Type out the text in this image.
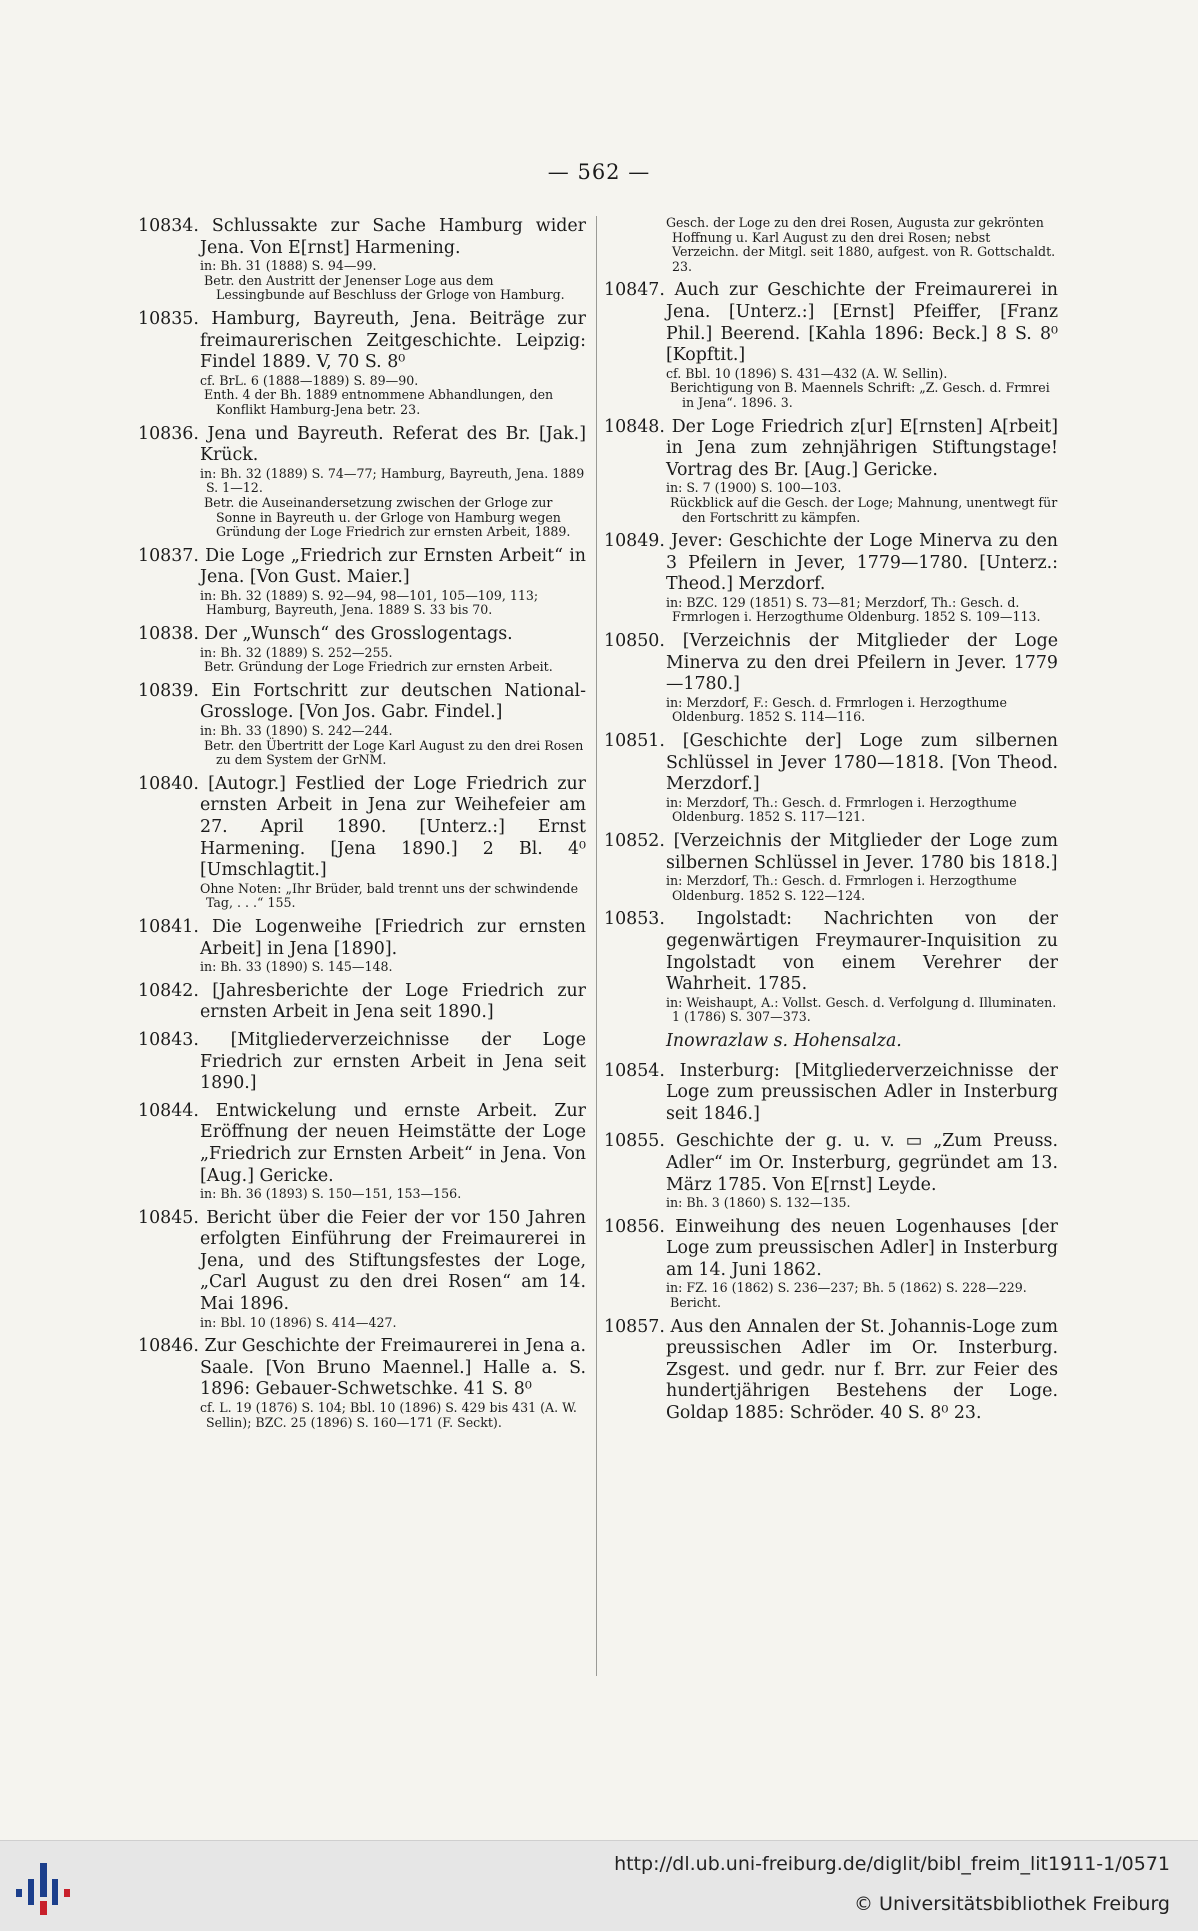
— 562 —
10834. Schlussakte zur Sache Hamburg wider Jena. Von E[rnst] Harmening.
in: Bh. 31 (1888) S. 94—99.
Betr. den Austritt der Jenenser Loge aus dem Lessingbunde auf Beschluss der Grloge von Hamburg.
10835. Hamburg, Bayreuth, Jena. Beiträge zur freimaurerischen Zeitgeschichte. Leipzig: Findel 1889. V, 70 S. 8⁰
cf. BrL. 6 (1888—1889) S. 89—90.
Enth. 4 der Bh. 1889 entnommene Abhandlungen, den Konflikt Hamburg-Jena betr. 23.
10836. Jena und Bayreuth. Referat des Br. [Jak.] Krück.
in: Bh. 32 (1889) S. 74—77; Hamburg, Bayreuth, Jena. 1889 S. 1—12.
Betr. die Auseinandersetzung zwischen der Grloge zur Sonne in Bayreuth u. der Grloge von Hamburg wegen Gründung der Loge Friedrich zur ernsten Arbeit, 1889.
10837. Die Loge „Friedrich zur Ernsten Arbeit“ in Jena. [Von Gust. Maier.]
in: Bh. 32 (1889) S. 92—94, 98—101, 105—109, 113; Hamburg, Bayreuth, Jena. 1889 S. 33 bis 70.
10838. Der „Wunsch“ des Grosslogentags.
in: Bh. 32 (1889) S. 252—255.
Betr. Gründung der Loge Friedrich zur ernsten Arbeit.
10839. Ein Fortschritt zur deutschen National-Grossloge. [Von Jos. Gabr. Findel.]
in: Bh. 33 (1890) S. 242—244.
Betr. den Übertritt der Loge Karl August zu den drei Rosen zu dem System der GrNM.
10840. [Autogr.] Festlied der Loge Friedrich zur ernsten Arbeit in Jena zur Weihefeier am 27. April 1890. [Unterz.:] Ernst Harmening. [Jena 1890.] 2 Bl. 4⁰ [Umschlagtit.]
Ohne Noten: „Ihr Brüder, bald trennt uns der schwindende Tag, . . .“ 155.
10841. Die Logenweihe [Friedrich zur ernsten Arbeit] in Jena [1890].
in: Bh. 33 (1890) S. 145—148.
10842. [Jahresberichte der Loge Friedrich zur ernsten Arbeit in Jena seit 1890.]
10843. [Mitgliederverzeichnisse der Loge Friedrich zur ernsten Arbeit in Jena seit 1890.]
10844. Entwickelung und ernste Arbeit. Zur Eröffnung der neuen Heimstätte der Loge „Friedrich zur Ernsten Arbeit“ in Jena. Von [Aug.] Gericke.
in: Bh. 36 (1893) S. 150—151, 153—156.
10845. Bericht über die Feier der vor 150 Jahren erfolgten Einführung der Freimaurerei in Jena, und des Stiftungsfestes der Loge, „Carl August zu den drei Rosen“ am 14. Mai 1896.
in: Bbl. 10 (1896) S. 414—427.
10846. Zur Geschichte der Freimaurerei in Jena a. Saale. [Von Bruno Maennel.] Halle a. S. 1896: Gebauer-Schwetschke. 41 S. 8⁰
cf. L. 19 (1876) S. 104; Bbl. 10 (1896) S. 429 bis 431 (A. W. Sellin); BZC. 25 (1896) S. 160—171 (F. Seckt).
Gesch. der Loge zu den drei Rosen, Augusta zur gekrönten Hoffnung u. Karl August zu den drei Rosen; nebst Verzeichn. der Mitgl. seit 1880, aufgest. von R. Gottschaldt. 23.
10847. Auch zur Geschichte der Freimaurerei in Jena. [Unterz.:] [Ernst] Pfeiffer, [Franz Phil.] Beerend. [Kahla 1896: Beck.] 8 S. 8⁰ [Kopftit.]
cf. Bbl. 10 (1896) S. 431—432 (A. W. Sellin).
Berichtigung von B. Maennels Schrift: „Z. Gesch. d. Frmrei in Jena“. 1896. 3.
10848. Der Loge Friedrich z[ur] E[rnsten] A[rbeit] in Jena zum zehnjährigen Stiftungstage! Vortrag des Br. [Aug.] Gericke.
in: S. 7 (1900) S. 100—103.
Rückblick auf die Gesch. der Loge; Mahnung, unentwegt für den Fortschritt zu kämpfen.
10849. Jever: Geschichte der Loge Minerva zu den 3 Pfeilern in Jever, 1779—1780. [Unterz.: Theod.] Merzdorf.
in: BZC. 129 (1851) S. 73—81; Merzdorf, Th.: Gesch. d. Frmrlogen i. Herzogthume Oldenburg. 1852 S. 109—113.
10850. [Verzeichnis der Mitglieder der Loge Minerva zu den drei Pfeilern in Jever. 1779—1780.]
in: Merzdorf, F.: Gesch. d. Frmrlogen i. Herzogthume Oldenburg. 1852 S. 114—116.
10851. [Geschichte der] Loge zum silbernen Schlüssel in Jever 1780—1818. [Von Theod. Merzdorf.]
in: Merzdorf, Th.: Gesch. d. Frmrlogen i. Herzogthume Oldenburg. 1852 S. 117—121.
10852. [Verzeichnis der Mitglieder der Loge zum silbernen Schlüssel in Jever. 1780 bis 1818.]
in: Merzdorf, Th.: Gesch. d. Frmrlogen i. Herzogthume Oldenburg. 1852 S. 122—124.
10853. Ingolstadt: Nachrichten von der gegenwärtigen Freymaurer-Inquisition zu Ingolstadt von einem Verehrer der Wahrheit. 1785.
in: Weishaupt, A.: Vollst. Gesch. d. Verfolgung d. Illuminaten. 1 (1786) S. 307—373.
Inowrazlaw s. Hohensalza.
10854. Insterburg: [Mitgliederverzeichnisse der Loge zum preussischen Adler in Insterburg seit 1846.]
10855. Geschichte der g. u. v. ▭ „Zum Preuss. Adler“ im Or. Insterburg, gegründet am 13. März 1785. Von E[rnst] Leyde.
in: Bh. 3 (1860) S. 132—135.
10856. Einweihung des neuen Logenhauses [der Loge zum preussischen Adler] in Insterburg am 14. Juni 1862.
in: FZ. 16 (1862) S. 236—237; Bh. 5 (1862) S. 228—229.
Bericht.
10857. Aus den Annalen der St. Johannis-Loge zum preussischen Adler im Or. Insterburg. Zsgest. und gedr. nur f. Brr. zur Feier des hundertjährigen Bestehens der Loge. Goldap 1885: Schröder. 40 S. 8⁰ 23.
http://dl.ub.uni-freiburg.de/diglit/bibl_freim_lit1911-1/0571
© Universitätsbibliothek Freiburg
